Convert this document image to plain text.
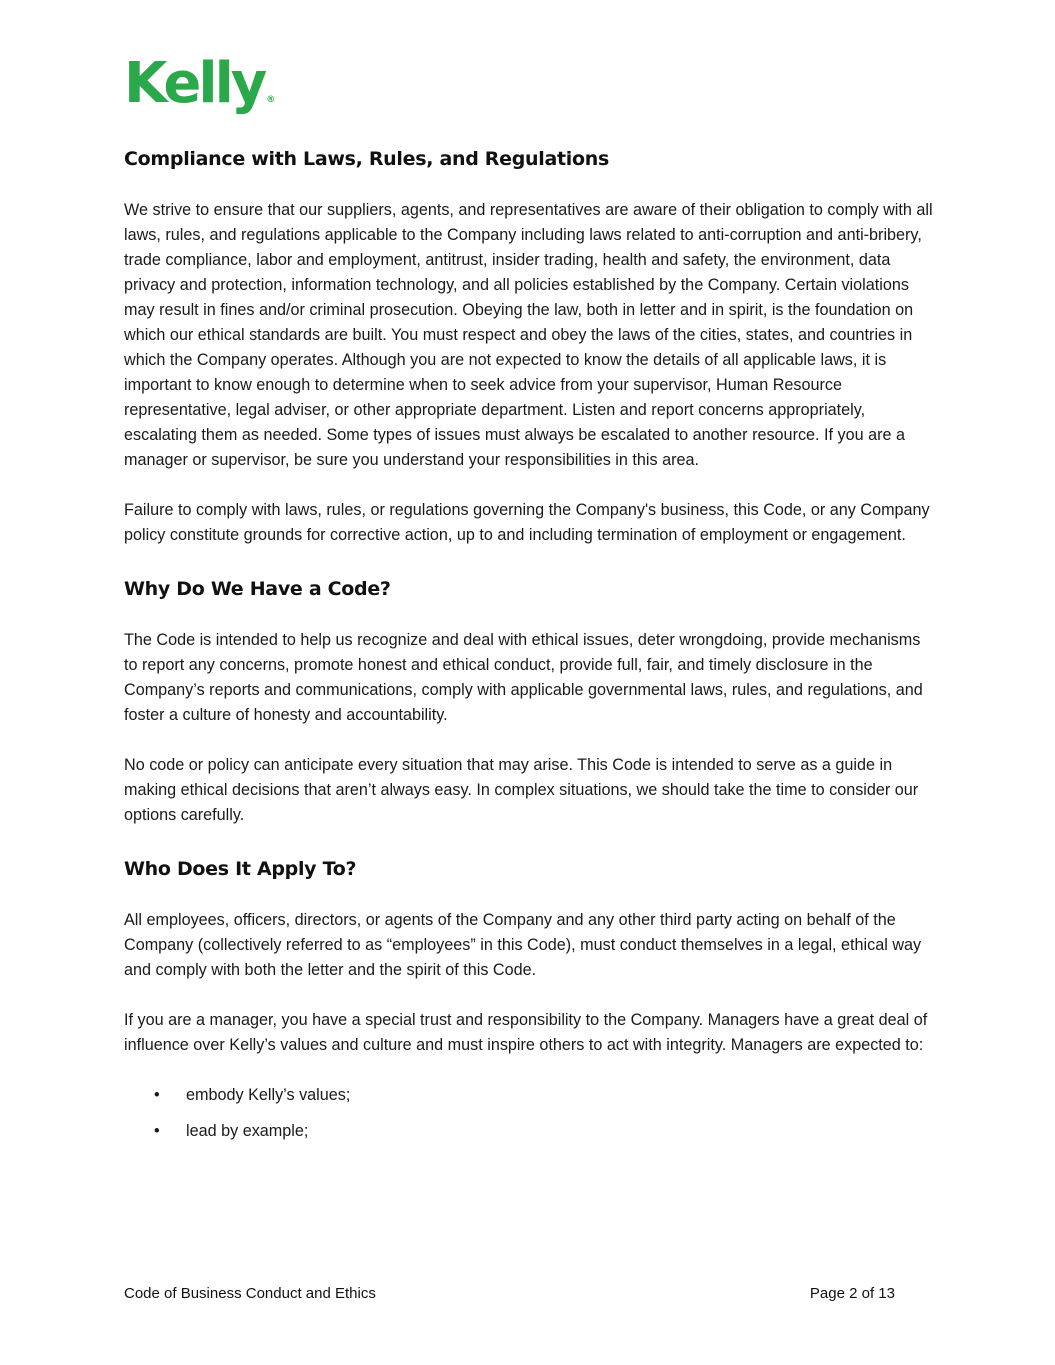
Kelly ®
Compliance with Laws, Rules, and Regulations

We strive to ensure that our suppliers, agents, and representatives are aware of their obligation to comply with all laws, rules, and regulations applicable to the Company including laws related to anti-corruption and anti-bribery, trade compliance, labor and employment, antitrust, insider trading, health and safety, the environment, data privacy and protection, information technology, and all policies established by the Company. Certain violations may result in fines and/or criminal prosecution. Obeying the law, both in letter and in spirit, is the foundation on which our ethical standards are built. You must respect and obey the laws of the cities, states, and countries in which the Company operates. Although you are not expected to know the details of all applicable laws, it is important to know enough to determine when to seek advice from your supervisor, Human Resource representative, legal adviser, or other appropriate department. Listen and report concerns appropriately, escalating them as needed. Some types of issues must always be escalated to another resource. If you are a manager or supervisor, be sure you understand your responsibilities in this area.

Failure to comply with laws, rules, or regulations governing the Company's business, this Code, or any Company policy constitute grounds for corrective action, up to and including termination of employment or engagement.

Why Do We Have a Code?

The Code is intended to help us recognize and deal with ethical issues, deter wrongdoing, provide mechanisms to report any concerns, promote honest and ethical conduct, provide full, fair, and timely disclosure in the Company’s reports and communications, comply with applicable governmental laws, rules, and regulations, and foster a culture of honesty and accountability.

No code or policy can anticipate every situation that may arise. This Code is intended to serve as a guide in making ethical decisions that aren’t always easy. In complex situations, we should take the time to consider our options carefully.

Who Does It Apply To?

All employees, officers, directors, or agents of the Company and any other third party acting on behalf of the Company (collectively referred to as “employees” in this Code), must conduct themselves in a legal, ethical way and comply with both the letter and the spirit of this Code.

If you are a manager, you have a special trust and responsibility to the Company. Managers have a great deal of influence over Kelly’s values and culture and must inspire others to act with integrity. Managers are expected to:

• embody Kelly’s values;
• lead by example;
Code of Business Conduct and Ethics	Page 2 of 13
